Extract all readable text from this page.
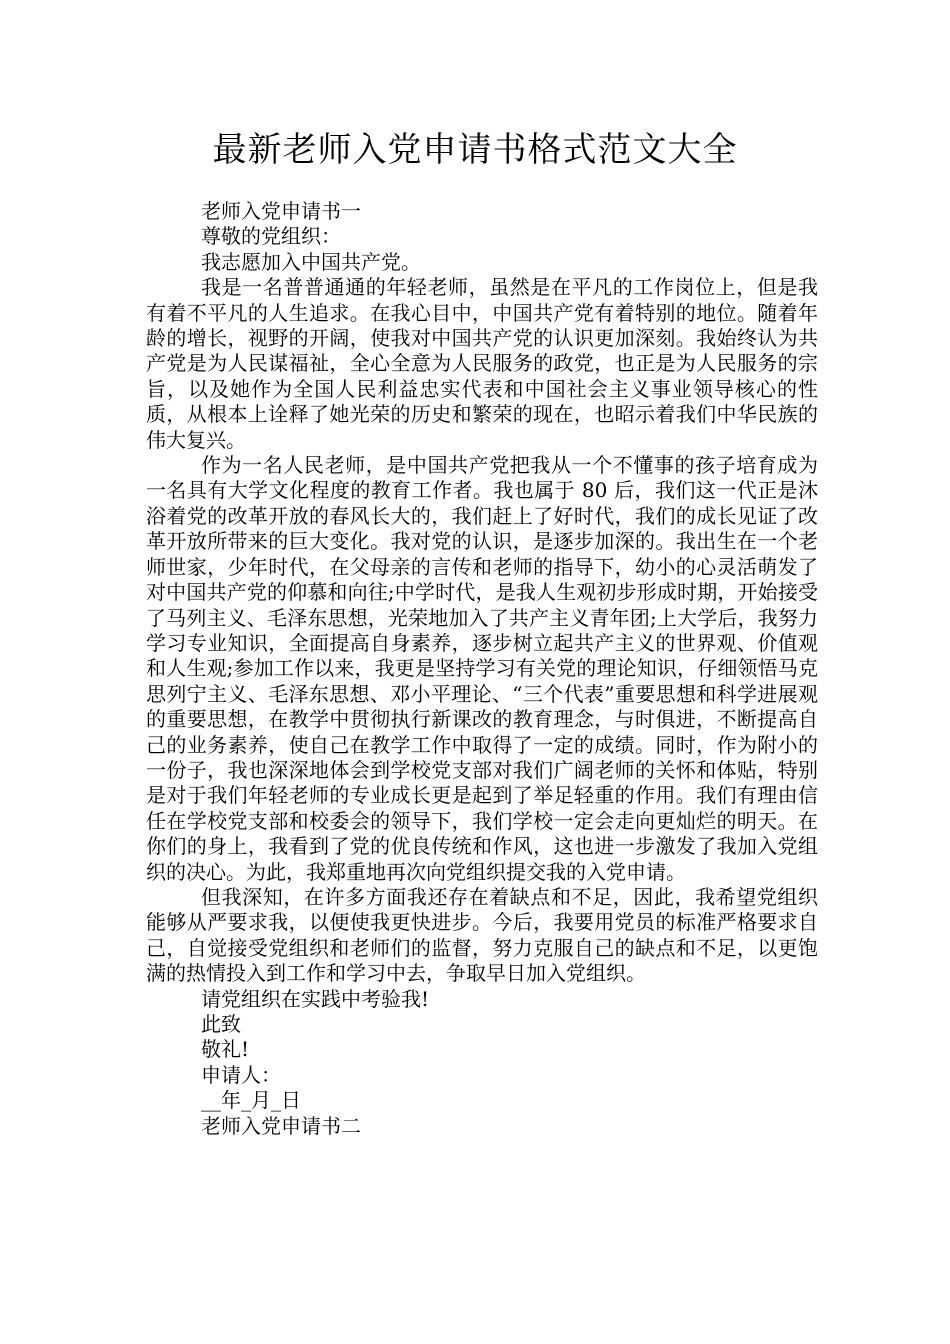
最新老师入党申请书格式范文大全

老师入党申请书一

尊敬的党组织：

我志愿加入中国共产党。

我是一名普普通通的年轻老师，虽然是在平凡的工作岗位上，但是我有着不平凡的人生追求。在我心目中，中国共产党有着特别的地位。随着年龄的增长，视野的开阔，使我对中国共产党的认识更加深刻。我始终认为共产党是为人民谋福祉，全心全意为人民服务的政党，也正是为人民服务的宗旨，以及她作为全国人民利益忠实代表和中国社会主义事业领导核心的性质，从根本上诠释了她光荣的历史和繁荣的现在，也昭示着我们中华民族的伟大复兴。

作为一名人民老师，是中国共产党把我从一个不懂事的孩子培育成为一名具有大学文化程度的教育工作者。我也属于 80 后，我们这一代正是沐浴着党的改革开放的春风长大的，我们赶上了好时代，我们的成长见证了改革开放所带来的巨大变化。我对党的认识，是逐步加深的。我出生在一个老师世家，少年时代，在父母亲的言传和老师的指导下，幼小的心灵活萌发了对中国共产党的仰慕和向往;中学时代，是我人生观初步形成时期，开始接受了马列主义、毛泽东思想，光荣地加入了共产主义青年团;上大学后，我努力学习专业知识，全面提高自身素养，逐步树立起共产主义的世界观、价值观和人生观;参加工作以来，我更是坚持学习有关党的理论知识，仔细领悟马克思列宁主义、毛泽东思想、邓小平理论、“三个代表”重要思想和科学进展观的重要思想，在教学中贯彻执行新课改的教育理念，与时俱进，不断提高自己的业务素养，使自己在教学工作中取得了一定的成绩。同时，作为附小的一份子，我也深深地体会到学校党支部对我们广阔老师的关怀和体贴，特别是对于我们年轻老师的专业成长更是起到了举足轻重的作用。我们有理由信任在学校党支部和校委会的领导下，我们学校一定会走向更灿烂的明天。在你们的身上，我看到了党的优良传统和作风，这也进一步激发了我加入党组织的决心。为此，我郑重地再次向党组织提交我的入党申请。

但我深知，在许多方面我还存在着缺点和不足，因此，我希望党组织能够从严要求我，以便使我更快进步。今后，我要用党员的标准严格要求自己，自觉接受党组织和老师们的监督，努力克服自己的缺点和不足，以更饱满的热情投入到工作和学习中去，争取早日加入党组织。

请党组织在实践中考验我!

此致

敬礼!

申请人：

__年_月_日

老师入党申请书二
